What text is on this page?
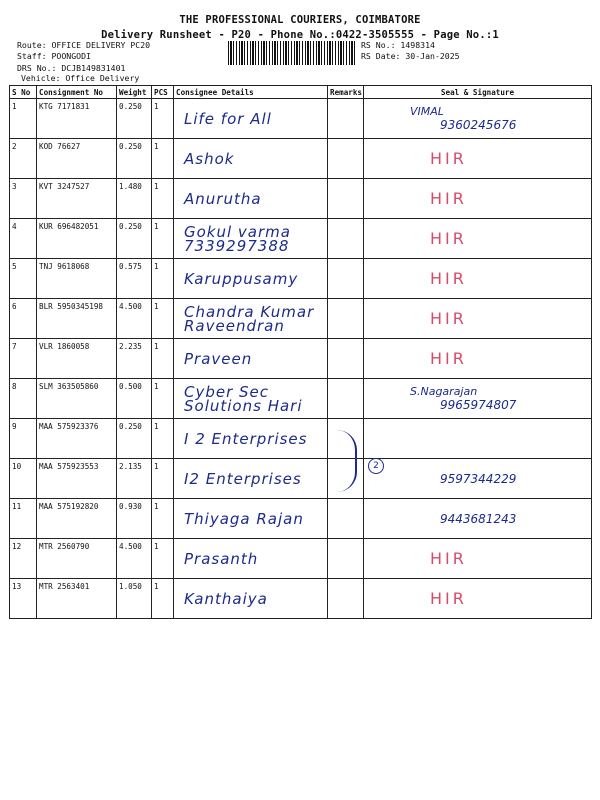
THE PROFESSIONAL COURIERS, COIMBATORE
Delivery Runsheet - P20 - Phone No.:0422-3505555 - Page No.:1
Route: OFFICE DELIVERY PC20
Staff: POONGODI
DRS No.: DCJB149831401
Vehicle: Office Delivery
RS No.: 1498314
RS Date: 30-Jan-2025
S No	Consignment No	Weight	PCS	Consignee Details	Remarks	Seal & Signature
1	KTG 7171831	0.250	1	Life for All		VIMAL
9360245676
2	KOD 76627	0.250	1	Ashok		HIR
3	KVT 3247527	1.480	1	Anurutha		HIR
4	KUR 696482051	0.250	1	Gokul varma 7339297388		HIR
5	TNJ 9618068	0.575	1	Karuppusamy		HIR
6	BLR 5950345198	4.500	1	Chandra Kumar Raveendran		HIR
7	VLR 1860058	2.235	1	Praveen		HIR
8	SLM 363505860	0.500	1	Cyber Sec Solutions Hari		S.Nagarajan
9965974807
9	MAA 575923376	0.250	1	I 2 Enterprises		
10	MAA 575923553	2.135	1	I2 Enterprises		9597344229
11	MAA 575192820	0.930	1	Thiyaga Rajan		9443681243
12	MTR 2560790	4.500	1	Prasanth		HIR
13	MTR 2563401	1.050	1	Kanthaiya		HIR
2
